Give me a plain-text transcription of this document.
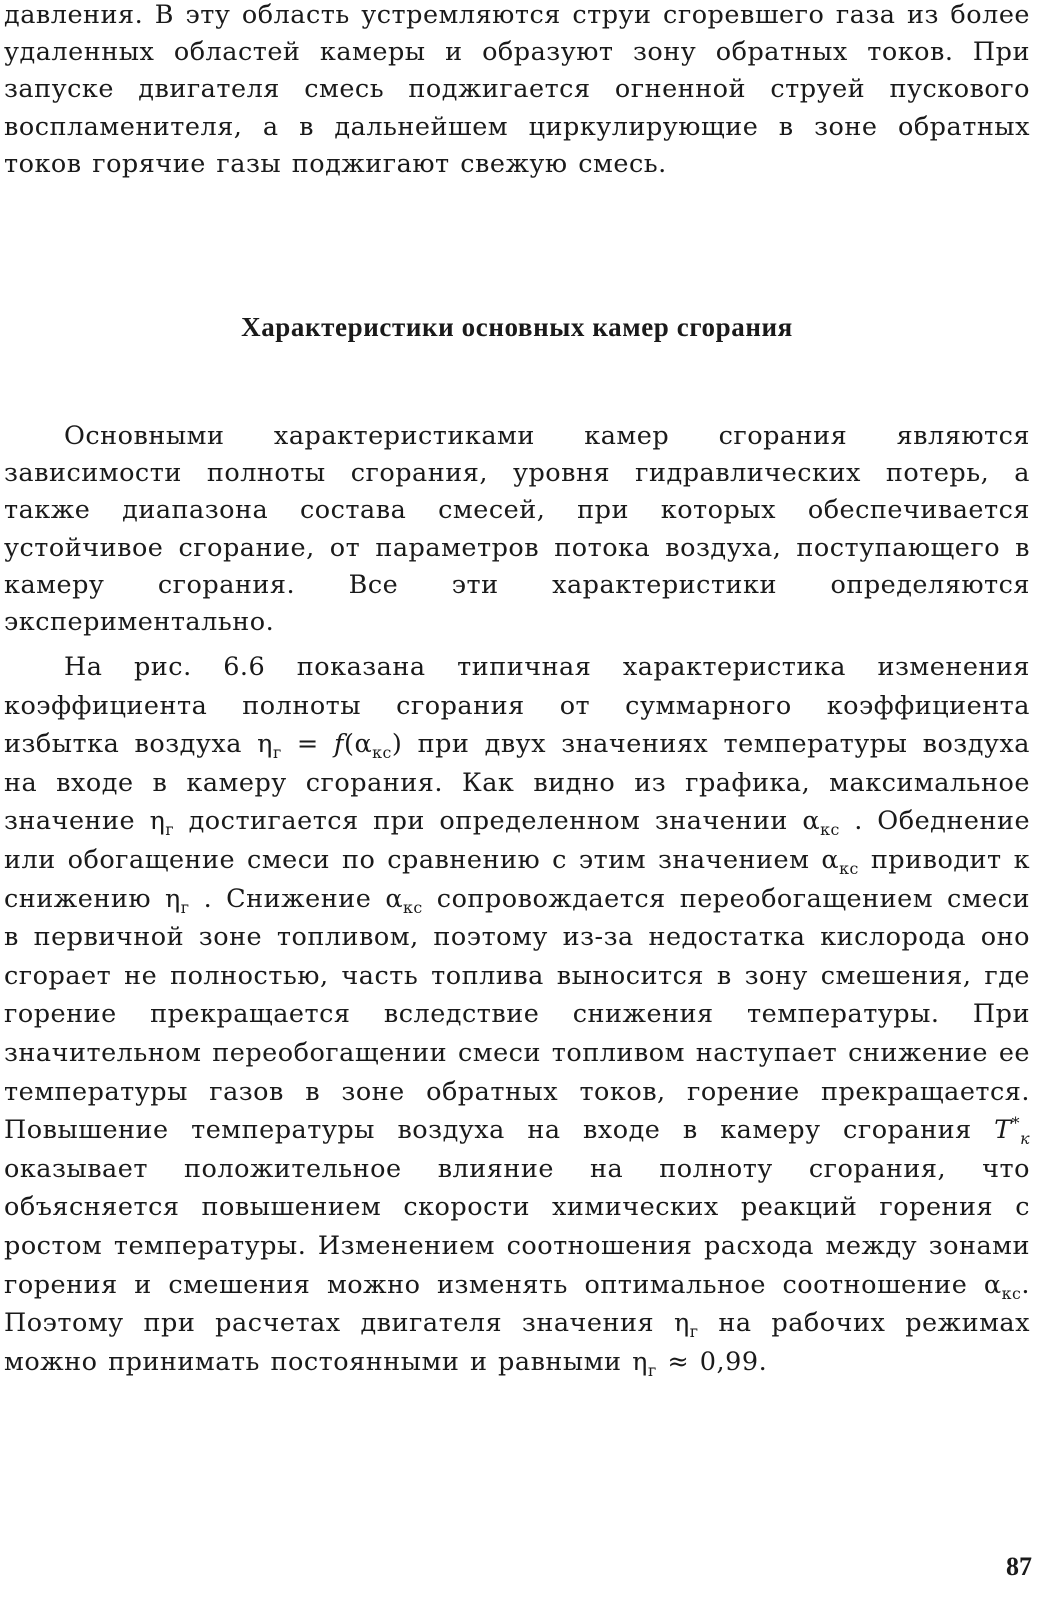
давления. В эту область устремляются струи сгоревшего газа из более удаленных областей камеры и образуют зону обратных токов. При запуске двигателя смесь поджигается огненной струей пускового воспламенителя, а в дальнейшем циркулирующие в зоне обратных токов горячие газы поджигают свежую смесь.

Характеристики основных камер сгорания

Основными характеристиками камер сгорания являются зависимости полноты сгорания, уровня гидравлических потерь, а также диапазона состава смесей, при которых обеспечивается устойчивое сгорание, от параметров потока воздуха, поступающего в камеру сгорания. Все эти характеристики определяются экспериментально.

На рис. 6.6 показана типичная характеристика изменения коэффициента полноты сгорания от суммарного коэффициента избытка воздуха $\eta_г = f(\alpha_{кс})$ при двух значениях температуры воздуха на входе в камеру сгорания. Как видно из графика, максимальное значение $\eta_г$ достигается при определенном значении $\alpha_{кс}$ . Обеднение или обогащение смеси по сравнению с этим значением $\alpha_{кс}$ приводит к снижению $\eta_г$ . Снижение $\alpha_{кс}$ сопровождается переобогащением смеси в первичной зоне топливом, поэтому из-за недостатка кислорода оно сгорает не полностью, часть топлива выносится в зону смешения, где горение прекращается вследствие снижения температуры. При значительном переобогащении смеси топливом наступает снижение ее температуры газов в зоне обратных токов, горение прекращается. Повышение температуры воздуха на входе в камеру сгорания $T^*_к$ оказывает положительное влияние на полноту сгорания, что объясняется повышением скорости химических реакций горения с ростом температуры. Изменением соотношения расхода между зонами горения и смешения можно изменять оптимальное соотношение $\alpha_{кс}$. Поэтому при расчетах двигателя значения $\eta_г$ на рабочих режимах можно принимать постоянными и равными $\eta_г \approx 0,99$.

87
